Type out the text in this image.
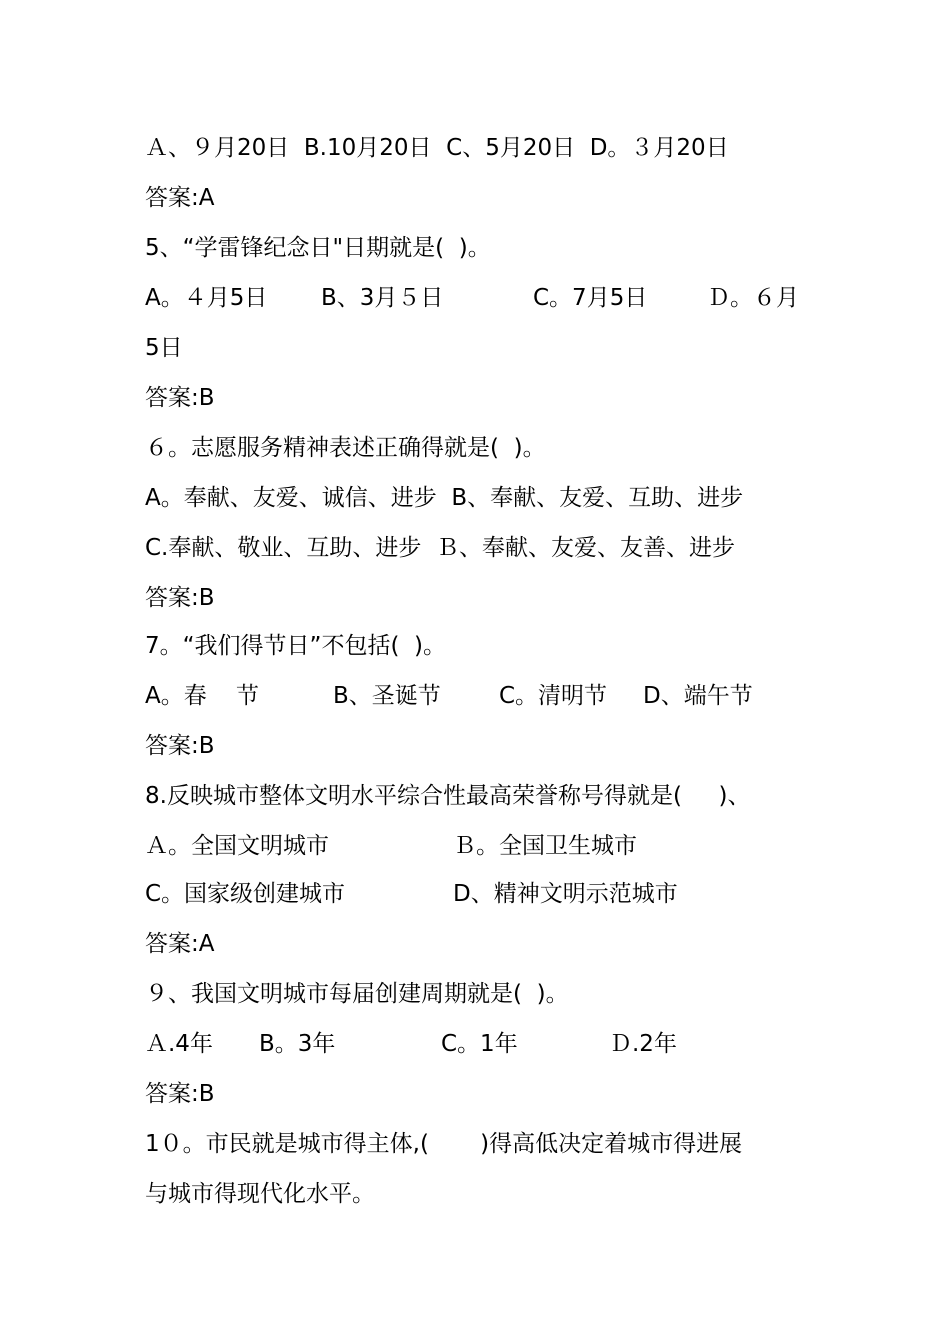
Ａ、９月20日  B.10月20日  C、5月20日  D。３月20日
答案:A
5、“学雷锋纪念日"日期就是(  )。
A。４月5日 B、3月５日	C。7月5日	Ｄ。６月
5日
答案:B
６。志愿服务精神表述正确得就是(  )。
A。奉献、友爱、诚信、进步  B、奉献、友爱、互助、进步
C.奉献、敬业、互助、进步  Ｂ、奉献、友爱、友善、进步
答案:B
7。“我们得节日”不包括(  )。
A。春    节	B、圣诞节	C。清明节 D、端午节
答案:B
8.反映城市整体文明水平综合性最高荣誉称号得就是(     )、
Ａ。全国文明城市	Ｂ。全国卫生城市
C。国家级创建城市	D、精神文明示范城市
答案:A
９、我国文明城市每届创建周期就是(  )。
Ａ.4年 B。3年	C。1年	Ｄ.2年
答案:B
1０。市民就是城市得主体,(       )得高低决定着城市得进展
与城市得现代化水平。
